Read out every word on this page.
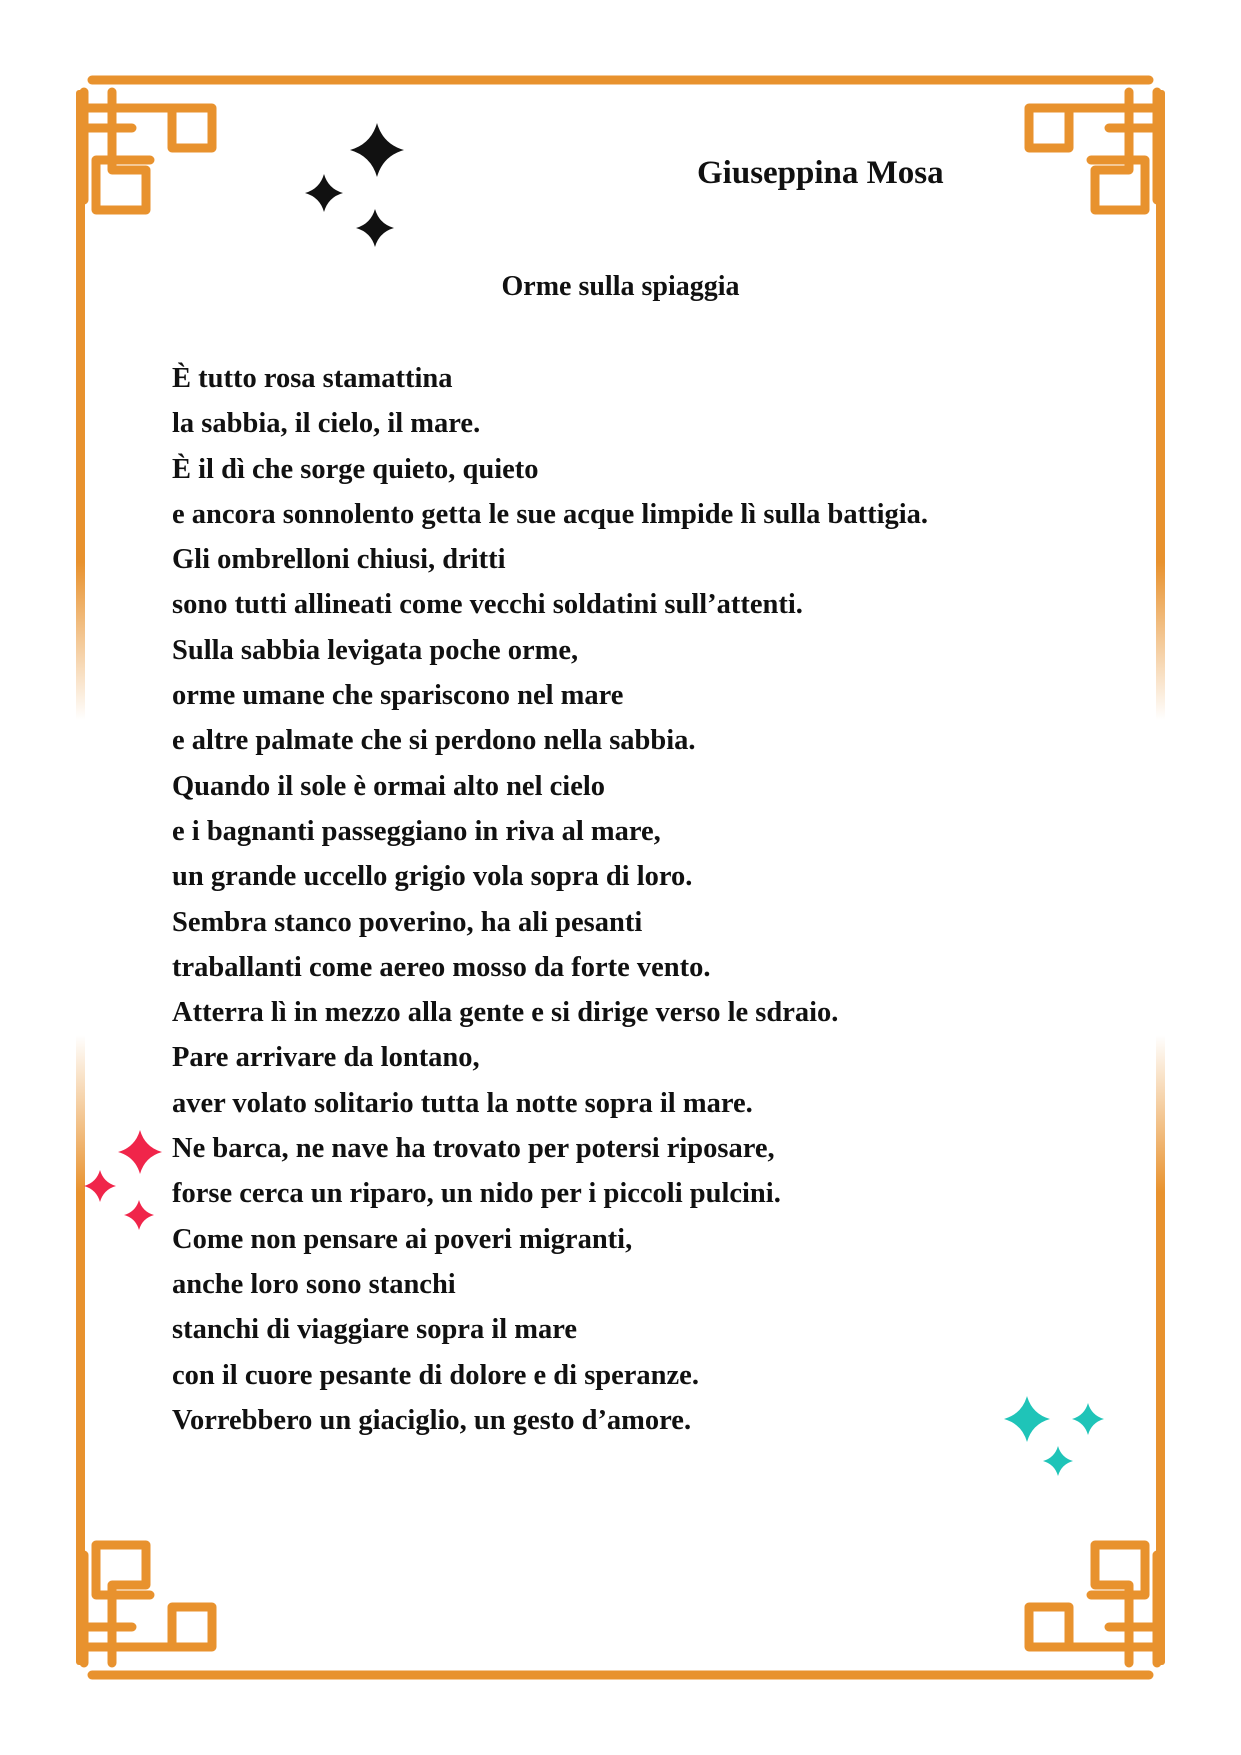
Giuseppina Mosa
Orme sulla spiaggia
È tutto rosa stamattina
la sabbia, il cielo, il mare.
È il dì che sorge quieto, quieto
e ancora sonnolento getta le sue acque limpide lì sulla battigia.
Gli ombrelloni chiusi, dritti
sono tutti allineati come vecchi soldatini sull’attenti.
Sulla sabbia levigata poche orme,
orme umane che spariscono nel mare
e altre palmate che si perdono nella sabbia.
Quando il sole è ormai alto nel cielo
e i bagnanti passeggiano in riva al mare,
un grande uccello grigio vola sopra di loro.
Sembra stanco poverino, ha ali pesanti
traballanti come aereo mosso da forte vento.
Atterra lì in mezzo alla gente e si dirige verso le sdraio.
Pare arrivare da lontano,
aver volato solitario tutta la notte sopra il mare.
Ne barca, ne nave ha trovato per potersi riposare,
forse cerca un riparo, un nido per i piccoli pulcini.
Come non pensare ai poveri migranti,
anche loro sono stanchi
stanchi di viaggiare sopra il mare
con il cuore pesante di dolore e di speranze.
Vorrebbero un giaciglio, un gesto d’amore.
